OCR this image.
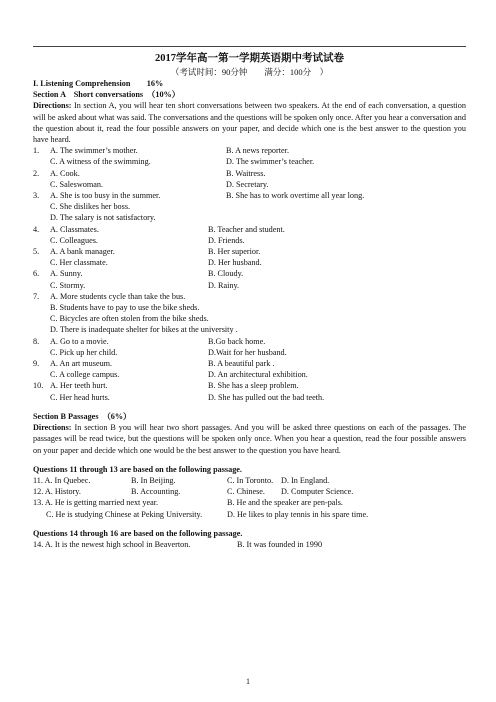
2017学年高一第一学期英语期中考试试卷
（考试时间：90分钟　　满分：100分　）

I. Listening Comprehension　　16%

Section A　Short conversations　（10%）

Directions: In section A, you will hear ten short conversations between two speakers. At the end of each conversation, a question will be asked about what was said. The conversations and the questions will be spoken only once. After you hear a conversation and the question about it, read the four possible answers on your paper, and decide which one is the best answer to the question you have heard.

1.	A. The swimmer’s mother.	B. A news reporter.
C. A witness of the swimming.	D. The swimmer’s teacher.
2.	A. Cook.	B. Waitress.
C. Saleswoman.	D. Secretary.
3.	A. She is too busy in the summer.	B. She has to work overtime all year long.

C. She dislikes her boss.

D. The salary is not satisfactory.

4.	A. Classmates.	B. Teacher and student.
C. Colleagues.	D. Friends.
5.	A. A bank manager.	B. Her superior.
C. Her classmate.	D. Her husband.
6.	A. Sunny.	B. Cloudy.
C. Stormy.	D. Rainy.
7.	A. More students cycle than take the bus.

B. Students have to pay to use the bike sheds.

C. Bicycles are often stolen from the bike sheds.

D. There is inadequate shelter for bikes at the university .

8.	A. Go to a movie.	B.Go back home.
C. Pick up her child.	D.Wait for her husband.
9.	A. An art museum.	B. A beautiful park .
C. A college campus.	D. An architectural exhibition.
10. A. Her teeth hurt.	B. She has a sleep problem.
C. Her head hurts.	D. She has pulled out the bad teeth.

Section B Passages　（6%）

Directions: In section B you will hear two short passages. And you will be asked three questions on each of the passages. The passages will be read twice, but the questions will be spoken only once. When you hear a question, read the four possible answers on your paper and decide which one would be the best answer to the question you have heard.

Questions 11 through 13 are based on the following passage.

11. A. In Quebec.	B. In Beijing.	C. In Toronto. D. In England.
12. A. History.	B. Accounting.	C. Chinese.	D. Computer Science.
13. A. He is getting married next year.	B. He and the speaker are pen-pals.
C. He is studying Chinese at Peking University.	D. He likes to play tennis in his spare time.

Questions 14 through 16 are based on the following passage.

14. A. It is the newest high school in Beaverton.	B. It was founded in 1990
1
